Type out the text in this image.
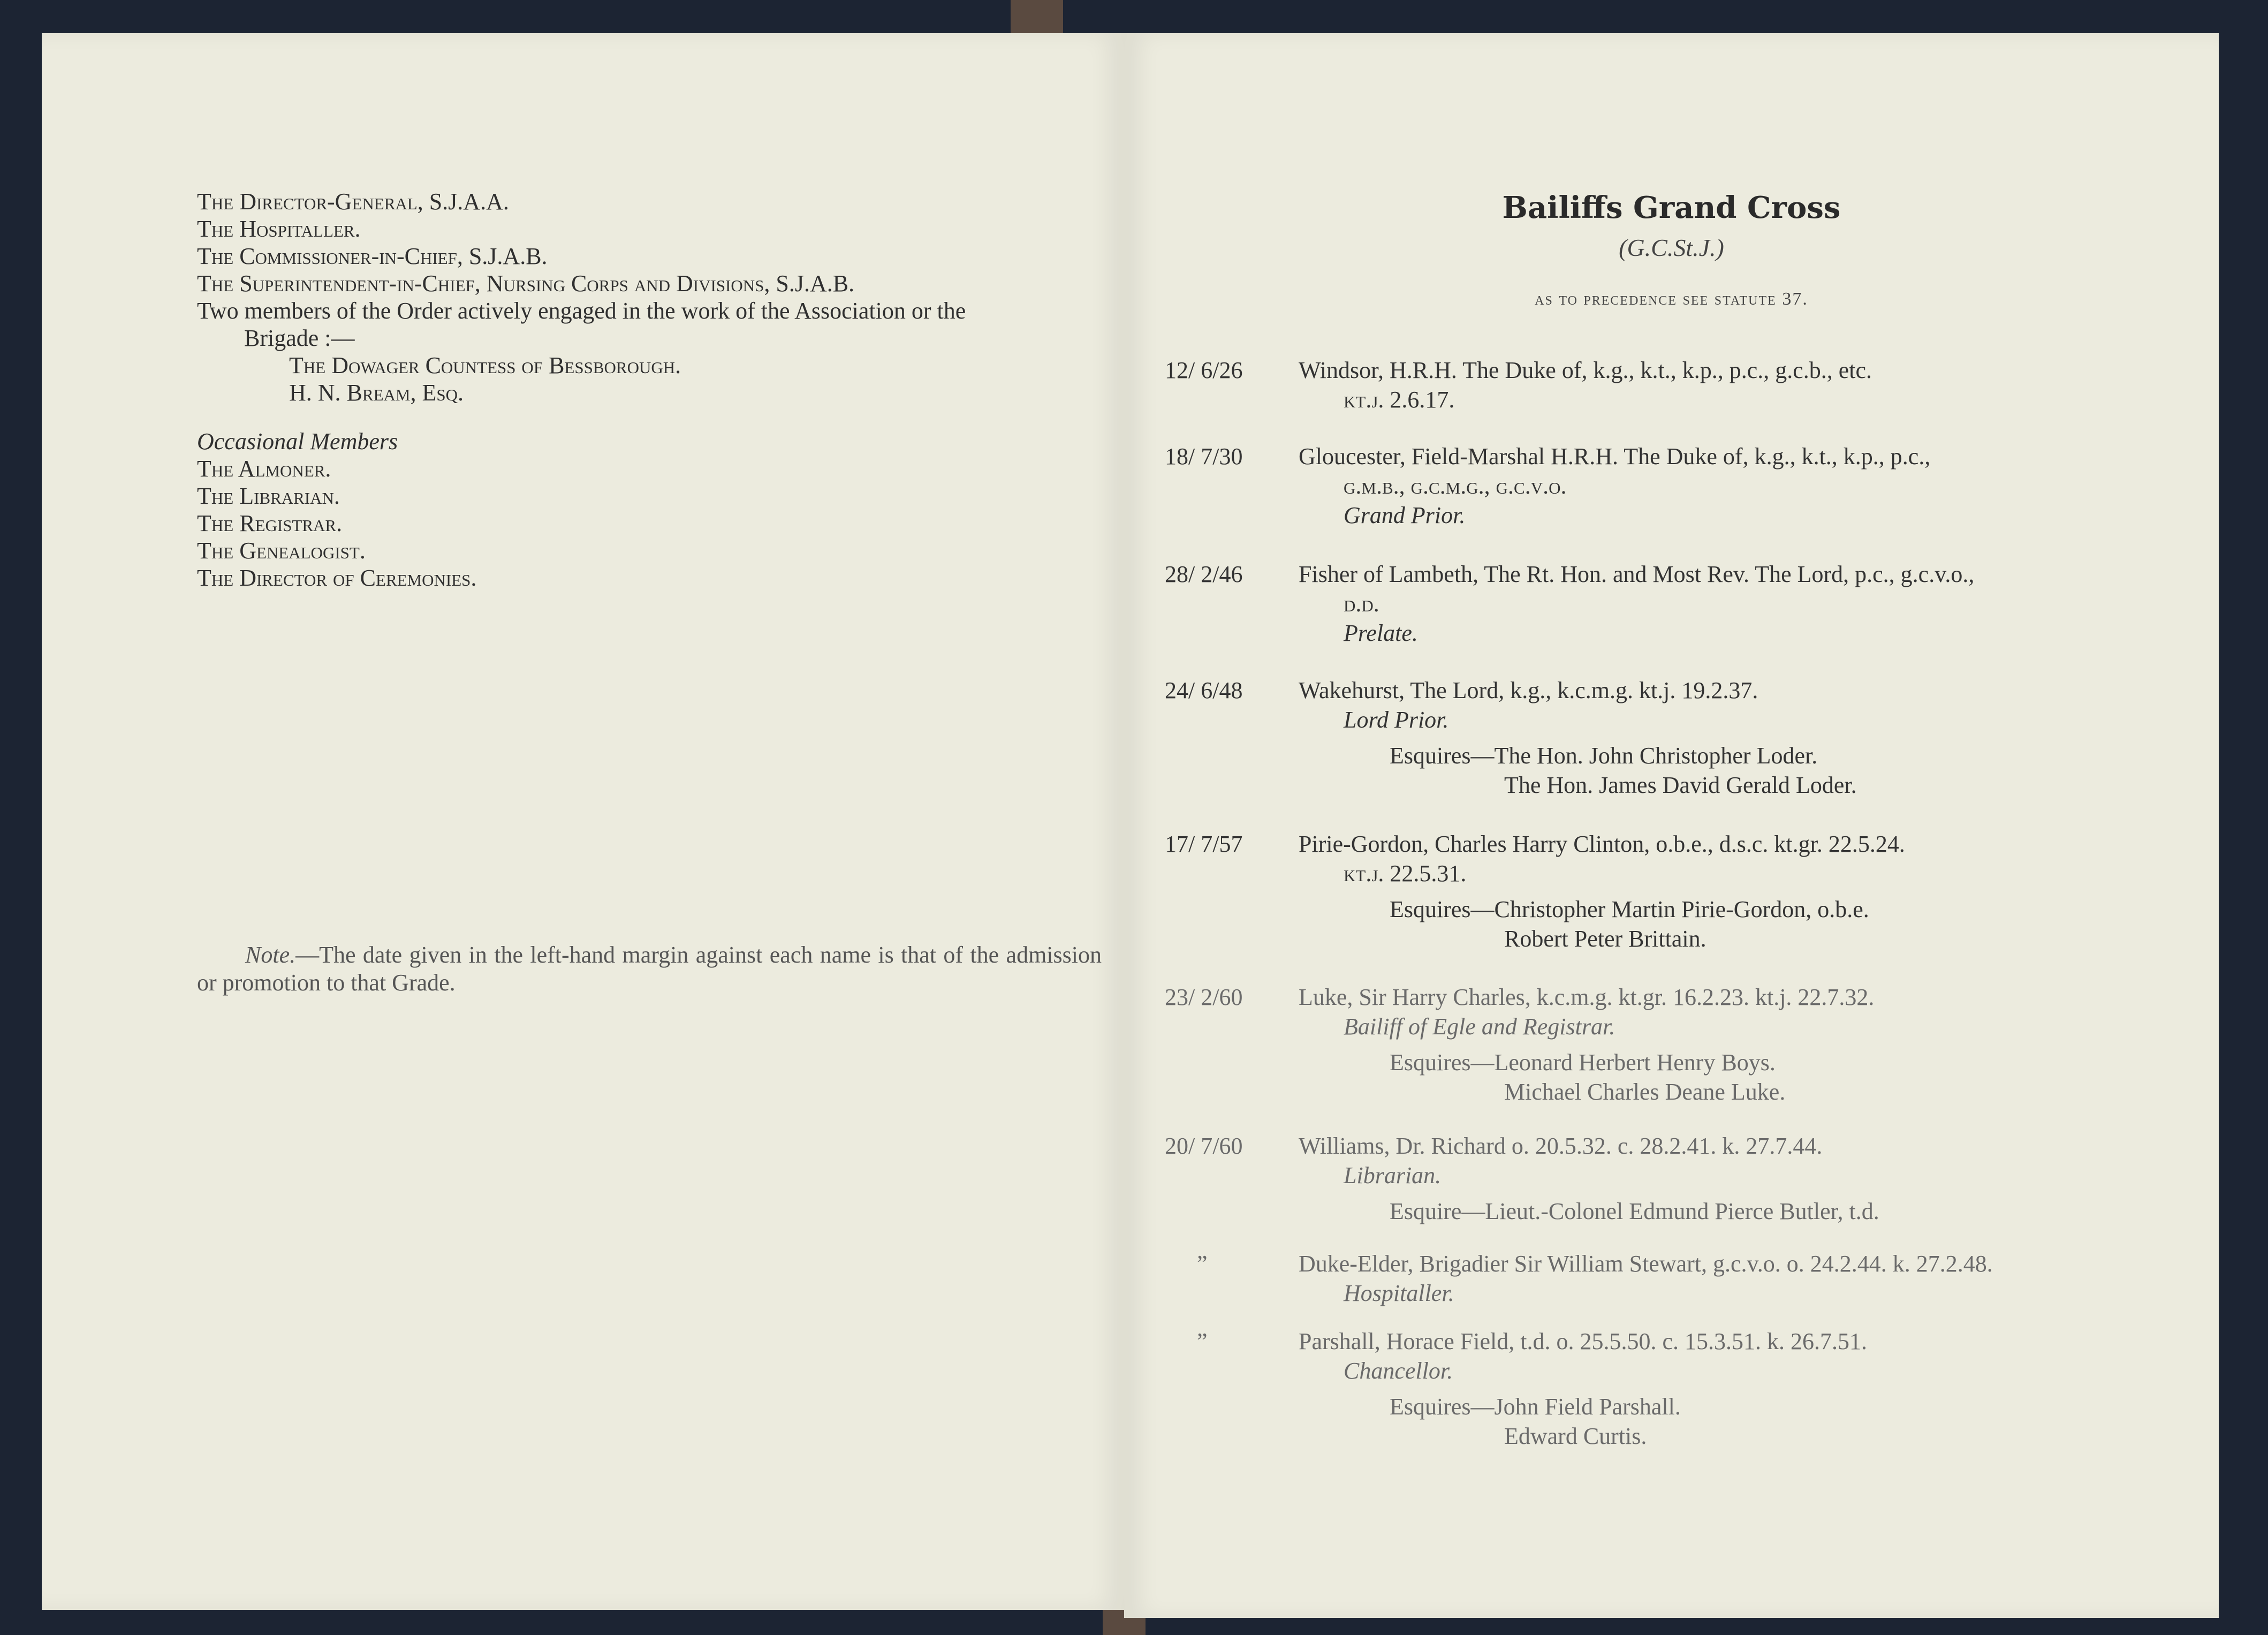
The Director-General, S.J.A.A.
The Hospitaller.
The Commissioner-in-Chief, S.J.A.B.
The Superintendent-in-Chief, Nursing Corps and Divisions, S.J.A.B.
Two members of the Order actively engaged in the work of the Association or the
Brigade :—
The Dowager Countess of Bessborough.
H. N. Bream, Esq.
Occasional Members
The Almoner.
The Librarian.
The Registrar.
The Genealogist.
The Director of Ceremonies.
Note.—The date given in the left-hand margin against each name is that of the admission or promotion to that Grade.
Bailiffs Grand Cross
(G.C.St.J.)
as to precedence see statute 37.
12/ 6/26	Windsor, H.R.H. The Duke of, k.g., k.t., k.p., p.c., g.c.b., etc.
kt.j. 2.6.17.
18/ 7/30	Gloucester, Field-Marshal H.R.H. The Duke of, k.g., k.t., k.p., p.c.,
g.m.b., g.c.m.g., g.c.v.o.
Grand Prior.
28/ 2/46	Fisher of Lambeth, The Rt. Hon. and Most Rev. The Lord, p.c., g.c.v.o.,
d.d.
Prelate.
24/ 6/48	Wakehurst, The Lord, k.g., k.c.m.g. kt.j. 19.2.37.
Lord Prior.
Esquires—The Hon. John Christopher Loder.
The Hon. James David Gerald Loder.
17/ 7/57	Pirie-Gordon, Charles Harry Clinton, o.b.e., d.s.c. kt.gr. 22.5.24.
kt.j. 22.5.31.
Esquires—Christopher Martin Pirie-Gordon, o.b.e.
Robert Peter Brittain.
23/ 2/60	Luke, Sir Harry Charles, k.c.m.g. kt.gr. 16.2.23. kt.j. 22.7.32.
Bailiff of Egle and Registrar.
Esquires—Leonard Herbert Henry Boys.
Michael Charles Deane Luke.
20/ 7/60	Williams, Dr. Richard o. 20.5.32. c. 28.2.41. k. 27.7.44.
Librarian.
Esquire—Lieut.-Colonel Edmund Pierce Butler, t.d.
”	Duke-Elder, Brigadier Sir William Stewart, g.c.v.o. o. 24.2.44. k. 27.2.48.
Hospitaller.
”	Parshall, Horace Field, t.d. o. 25.5.50. c. 15.3.51. k. 26.7.51.
Chancellor.
Esquires—John Field Parshall.
Edward Curtis.
